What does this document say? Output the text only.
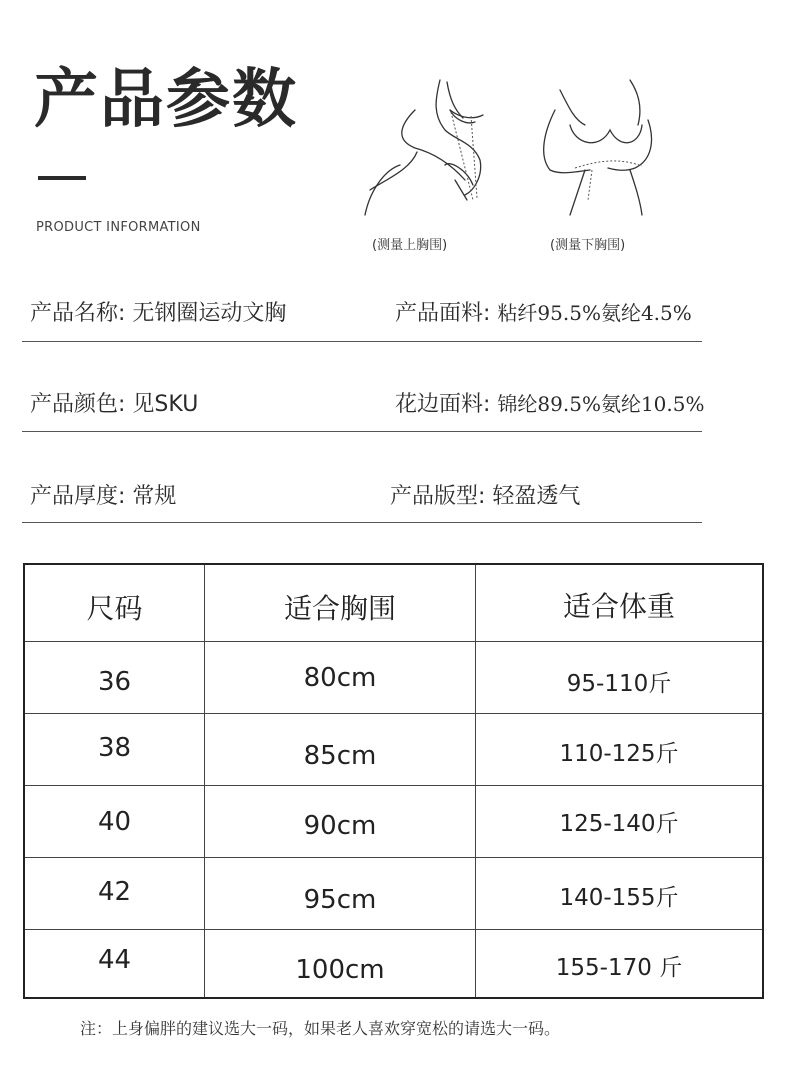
产品参数
PRODUCT INFORMATION
(测量上胸围)	(测量下胸围)
产品名称: 无钢圈运动文胸	产品面料: 粘纤95.5%氨纶4.5%
产品颜色: 见SKU	花边面料: 锦纶89.5%氨纶10.5%
产品厚度: 常规	产品版型: 轻盈透气
尺码	适合胸围	适合体重
36	80cm	95-110斤
38	85cm	110-125斤
40	90cm	125-140斤
42	95cm	140-155斤
44	100cm	155-170 斤
注：上身偏胖的建议选大一码，如果老人喜欢穿宽松的请选大一码。
